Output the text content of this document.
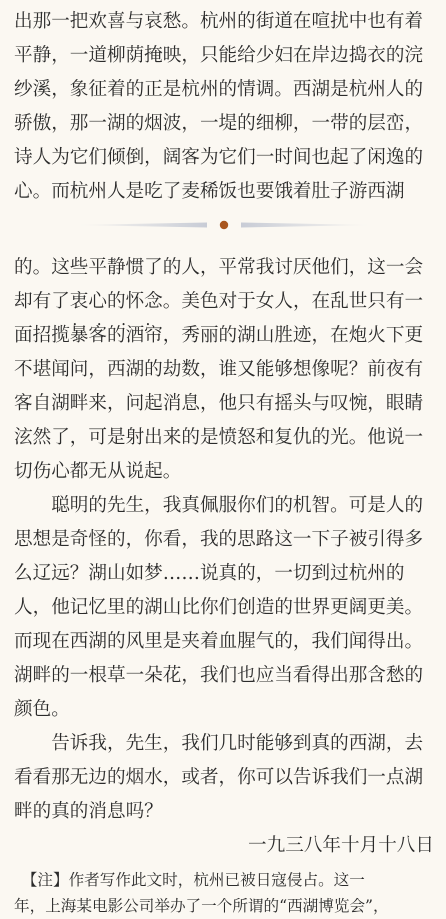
出那一把欢喜与哀愁。杭州的街道在喧扰中也有着
平静，一道柳荫掩映，只能给少妇在岸边捣衣的浣
纱溪，象征着的正是杭州的情调。西湖是杭州人的
骄傲，那一湖的烟波，一堤的细柳，一带的层峦，
诗人为它们倾倒，阔客为它们一时间也起了闲逸的
心。而杭州人是吃了麦稀饭也要饿着肚子游西湖
的。这些平静惯了的人，平常我讨厌他们，这一会
却有了衷心的怀念 • • • •。美色对于女人，在乱世只有一
面招揽暴客的酒帘，秀丽的湖山胜迹，在炮火下更
不堪闻问，西湖的劫数，谁又能够想像呢？前夜有
客自湖畔来，问起消息，他只有摇头与叹惋，眼睛
泫然了，可是射出来的是愤怒和复仇的光。他说一
切伤心都无从说起。
　　聪明的先生，我真佩服你们的机智。可是人的
思想是奇怪的，你看，我的思路这一下子被引得多
么辽远？湖山如梦……说真的，一切到过杭州的
人，他记忆里的湖山比你们创造的世界更阔更美。
而现在西湖的风里是夹着血腥气的，我们闻得出。
湖畔的一根草一朵花，我们也应当看得出那含愁的
颜色。
　　告诉我，先生，我们几时能够到真的西湖，去
看看那无边的烟水，或者，你可以告诉我们一点湖
畔的真的消息吗？
一九三八年十月十八日
　【注】作者写作此文时，杭州已被日寇侵占。这一
年，上海某电影公司举办了一个所谓的“西湖博览会”，
